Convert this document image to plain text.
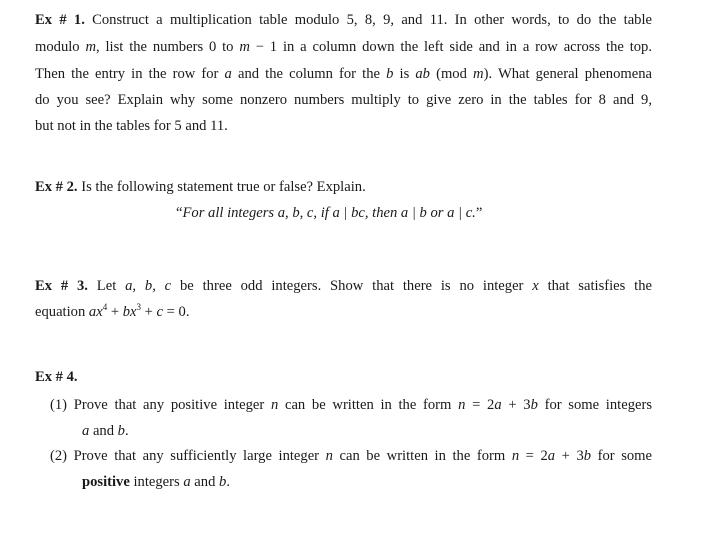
Ex # 1. Construct a multiplication table modulo 5, 8, 9, and 11. In other words, to do the table
modulo m, list the numbers 0 to m − 1 in a column down the left side and in a row across the top.
Then the entry in the row for a and the column for the b is ab (mod m). What general phenomena
do you see? Explain why some nonzero numbers multiply to give zero in the tables for 8 and 9,
but not in the tables for 5 and 11.
Ex # 2. Is the following statement true or false? Explain.
“For all integers a, b, c, if a | bc, then a | b or a | c.”
Ex # 3. Let a, b, c be three odd integers. Show that there is no integer x that satisfies the
equation $ax^4 + bx^3 + c = 0$.
Ex # 4.
(1) Prove that any positive integer n can be written in the form n = 2a + 3b for some integers
a and b.
(2) Prove that any sufficiently large integer n can be written in the form n = 2a + 3b for some
positive integers a and b.
